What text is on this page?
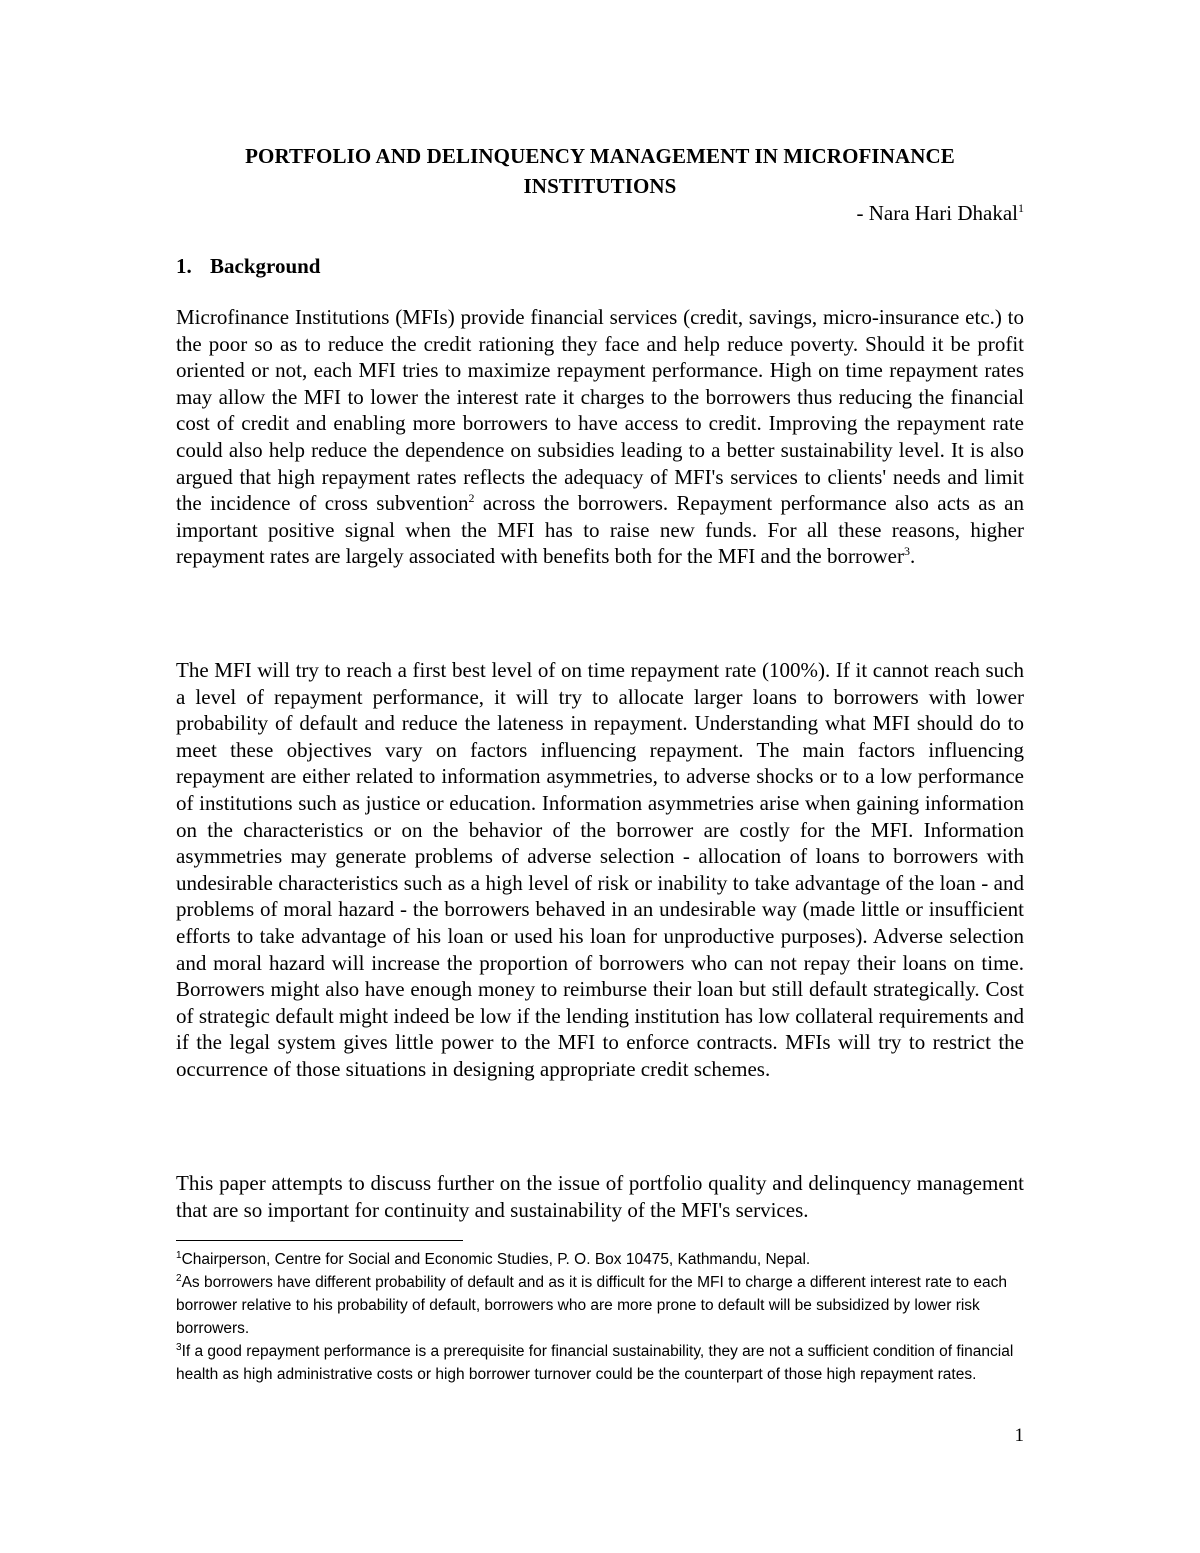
PORTFOLIO AND DELINQUENCY MANAGEMENT IN MICROFINANCE INSTITUTIONS
- Nara Hari Dhakal$^1$
1. Background
Microfinance Institutions (MFIs) provide financial services (credit, savings, micro-insurance etc.) to the poor so as to reduce the credit rationing they face and help reduce poverty. Should it be profit oriented or not, each MFI tries to maximize repayment performance. High on time repayment rates may allow the MFI to lower the interest rate it charges to the borrowers thus reducing the financial cost of credit and enabling more borrowers to have access to credit. Improving the repayment rate could also help reduce the dependence on subsidies leading to a better sustainability level. It is also argued that high repayment rates reflects the adequacy of MFI's services to clients' needs and limit the incidence of cross subvention$^2$ across the borrowers. Repayment performance also acts as an important positive signal when the MFI has to raise new funds. For all these reasons, higher repayment rates are largely associated with benefits both for the MFI and the borrower$^3$.
The MFI will try to reach a first best level of on time repayment rate (100%). If it cannot reach such a level of repayment performance, it will try to allocate larger loans to borrowers with lower probability of default and reduce the lateness in repayment. Understanding what MFI should do to meet these objectives vary on factors influencing repayment. The main factors influencing repayment are either related to information asymmetries, to adverse shocks or to a low performance of institutions such as justice or education. Information asymmetries arise when gaining information on the characteristics or on the behavior of the borrower are costly for the MFI. Information asymmetries may generate problems of adverse selection - allocation of loans to borrowers with undesirable characteristics such as a high level of risk or inability to take advantage of the loan - and problems of moral hazard - the borrowers behaved in an undesirable way (made little or insufficient efforts to take advantage of his loan or used his loan for unproductive purposes). Adverse selection and moral hazard will increase the proportion of borrowers who can not repay their loans on time. Borrowers might also have enough money to reimburse their loan but still default strategically. Cost of strategic default might indeed be low if the lending institution has low collateral requirements and if the legal system gives little power to the MFI to enforce contracts. MFIs will try to restrict the occurrence of those situations in designing appropriate credit schemes.
This paper attempts to discuss further on the issue of portfolio quality and delinquency management that are so important for continuity and sustainability of the MFI's services.

$^1$Chairperson, Centre for Social and Economic Studies, P. O. Box 10475, Kathmandu, Nepal.

$^2$As borrowers have different probability of default and as it is difficult for the MFI to charge a different interest rate to each borrower relative to his probability of default, borrowers who are more prone to default will be subsidized by lower risk borrowers.

$^3$If a good repayment performance is a prerequisite for financial sustainability, they are not a sufficient condition of financial health as high administrative costs or high borrower turnover could be the counterpart of those high repayment rates.

1
